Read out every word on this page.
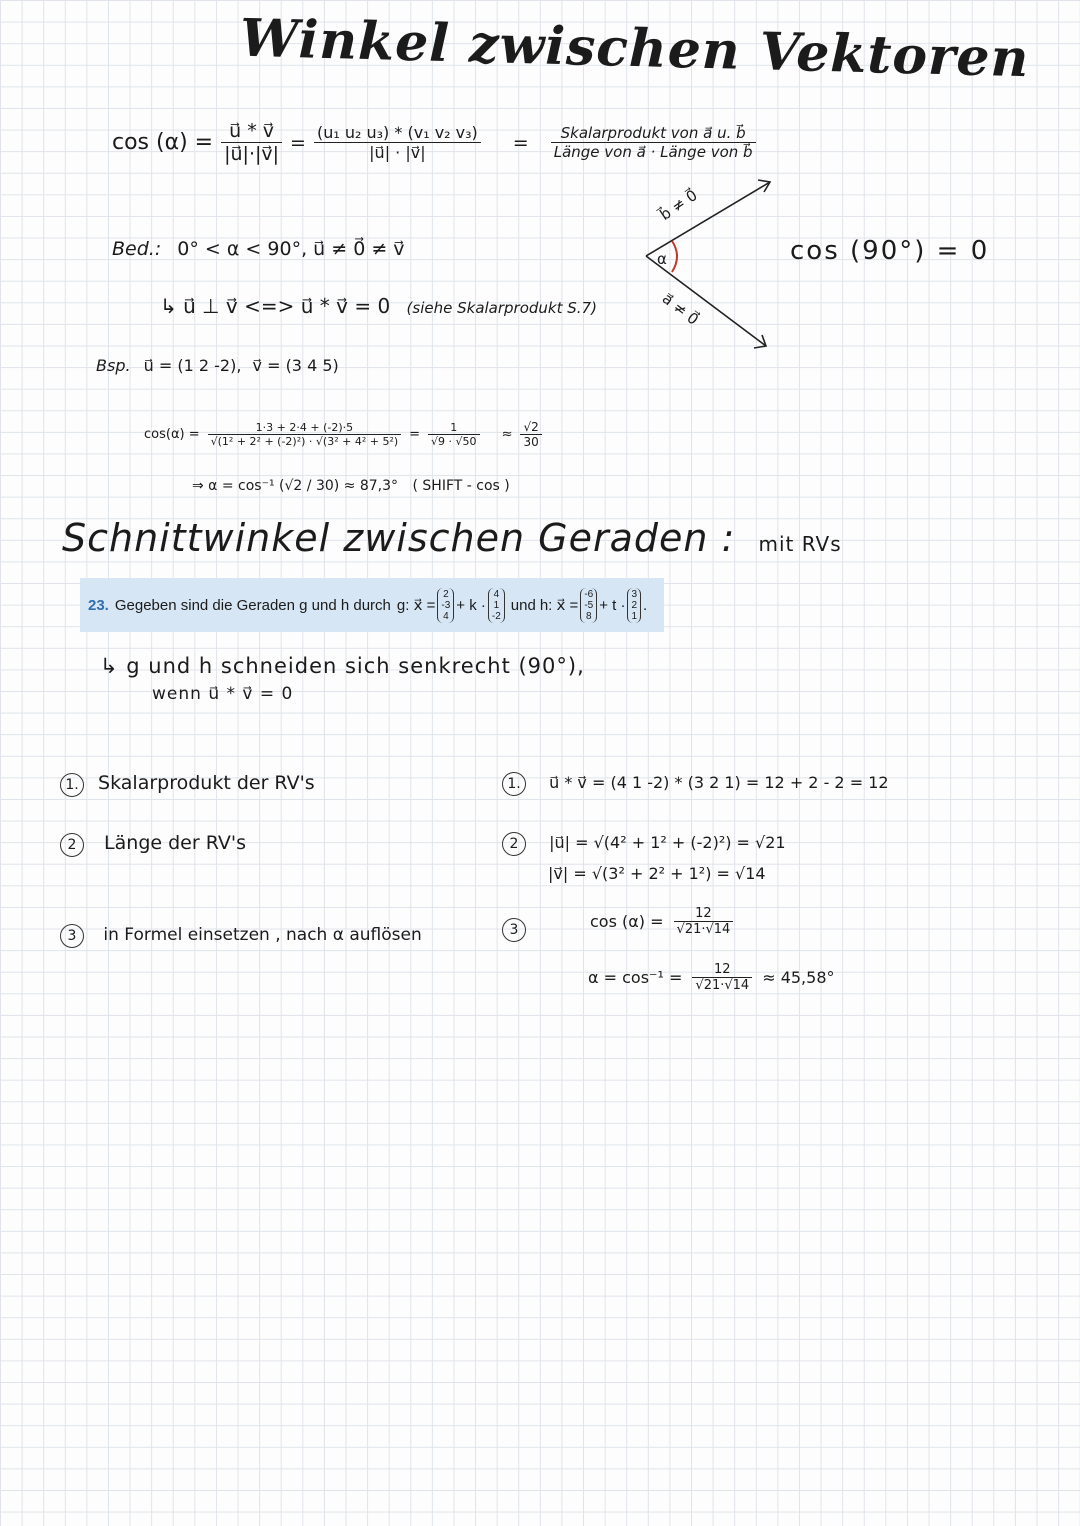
Winkel zwischen Vektoren
$\cos (\alpha) = \frac{u⃗ * v⃗}{|u⃗|\cdot|v⃗|} = \frac{\text{(u₁ u₂ u₃) * (v₁ v₂ v₃)}}{|u⃗| \cdot |v⃗|} = \frac{\text{Skalarprodukt von a⃗ u. b⃗}}{\text{Länge von a⃗ · Länge von b⃗}}$
Bed.: 0° < α < 90°, u⃗ ≠ 0⃗ ≠ v⃗
↳ u⃗ ⊥ v⃗ <=> u⃗ * v⃗ = 0 (siehe Skalarprodukt S.7)
b⃗ ≠ 0⃗
a⃗ ≠ 0⃗
α	cos (90°) = 0
Bsp. u⃗ = (1 2 -2), v⃗ = (3 4 5)
$\cos(\alpha) = \frac{1\cdot 3 + 2\cdot 4 + (-2)\cdot 5}{\text{√(1² + 2² + (-2)²) · √(3² + 4² + 5²)}} = \frac{1}{√9 \cdot √50} \approx \frac{√2}{30}$
⇒ α = cos⁻¹ (√2 / 30) ≈ 87,3° ( SHIFT - cos )
Schnittwinkel zwischen Geraden : mit RVs
23. Gegeben sind die Geraden g und h durch g: x⃗ =
2
-3
4
+ k ·
4
1
-2
und h: x⃗ =
-6
-5
8
+ t ·
3
2
1
.
↳ g und h schneiden sich senkrecht (90°),
wenn u⃗ * v⃗ = 0
1. Skalarprodukt der RV's
2 Länge der RV's
3 in Formel einsetzen , nach α auflösen
1. u⃗ * v⃗ = (4 1 -2) * (3 2 1) = 12 + 2 - 2 = 12
2 |u⃗| = √(4² + 1² + (-2)²) = √21
|v⃗| = √(3² + 2² + 1²) = √14
3	$\cos (\alpha) = \frac{12}{√21\cdot√14}$
$\alpha = \cos^{-1} = \frac{12}{√21\cdot√14} \approx 45,58^\circ$
